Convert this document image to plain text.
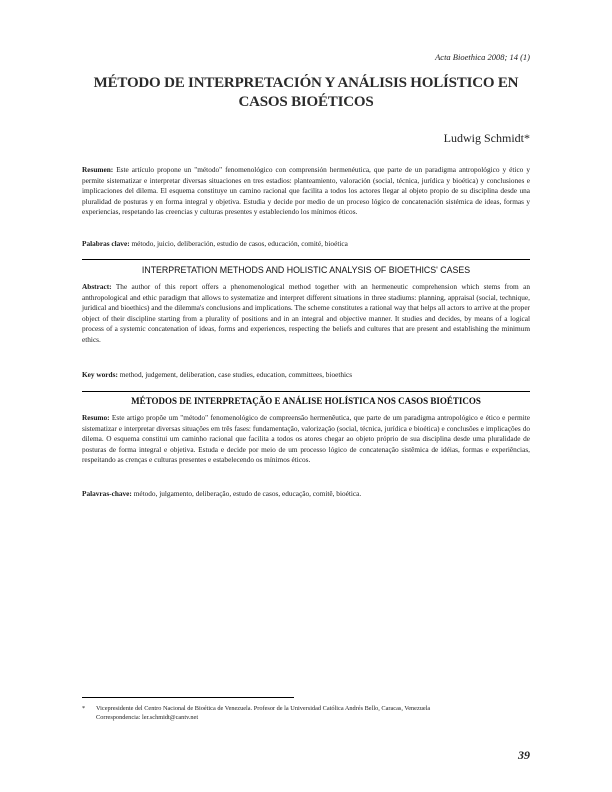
Acta Bioethica 2008; 14 (1)
MÉTODO DE INTERPRETACIÓN Y ANÁLISIS HOLÍSTICO EN
CASOS BIOÉTICOS
Ludwig Schmidt*
Resumen: Este artículo propone un "método" fenomenológico con comprensión hermenéutica, que parte de un paradigma antropológico y ético y permite sistematizar e interpretar diversas situaciones en tres estadios: planteamiento, valoración (social, técnica, jurídica y bioética) y conclusiones e implicaciones del dilema. El esquema constituye un camino racional que facilita a todos los actores llegar al objeto propio de su disciplina desde una pluralidad de posturas y en forma integral y objetiva. Estudia y decide por medio de un proceso lógico de concatenación sistémica de ideas, formas y experiencias, respetando las creencias y culturas presentes y estableciendo los mínimos éticos.
Palabras clave: método, juicio, deliberación, estudio de casos, educación, comité, bioética
INTERPRETATION METHODS AND HOLISTIC ANALYSIS OF BIOETHICS' CASES
Abstract: The author of this report offers a phenomenological method together with an hermeneutic comprehension which stems from an anthropological and ethic paradigm that allows to systematize and interpret different situations in three stadiums: planning, appraisal (social, technique, juridical and bioethics) and the dilemma's conclusions and implications. The scheme constitutes a rational way that helps all actors to arrive at the proper object of their discipline starting from a plurality of positions and in an integral and objective manner. It studies and decides, by means of a logical process of a systemic concatenation of ideas, forms and experiences, respecting the beliefs and cultures that are present and establishing the minimum ethics.
Key words: method, judgement, deliberation, case studies, education, committees, bioethics
MÉTODOS DE INTERPRETAÇÃO E ANÁLISE HOLÍSTICA NOS CASOS BIOÉTICOS
Resumo: Este artigo propõe um "método" fenomenológico de compreensão hermenêutica, que parte de um paradigma antropológico e ético e permite sistematizar e interpretar diversas situações em três fases: fundamentação, valorização (social, técnica, jurídica e bioética) e conclusões e implicações do dilema. O esquema constitui um caminho racional que facilita a todos os atores chegar ao objeto próprio de sua disciplina desde uma pluralidade de posturas de forma integral e objetiva. Estuda e decide por meio de um processo lógico de concatenação sistêmica de idéias, formas e experiências, respeitando as crenças e culturas presentes e estabelecendo os mínimos éticos.
Palavras-chave: método, julgamento, deliberação, estudo de casos, educação, comitê, bioética.
* Vicepresidente del Centro Nacional de Bioética de Venezuela. Profesor de la Universidad Católica Andrés Bello, Caracas, Venezuela
Correspondencia: ler.schmidt@cantv.net
39
